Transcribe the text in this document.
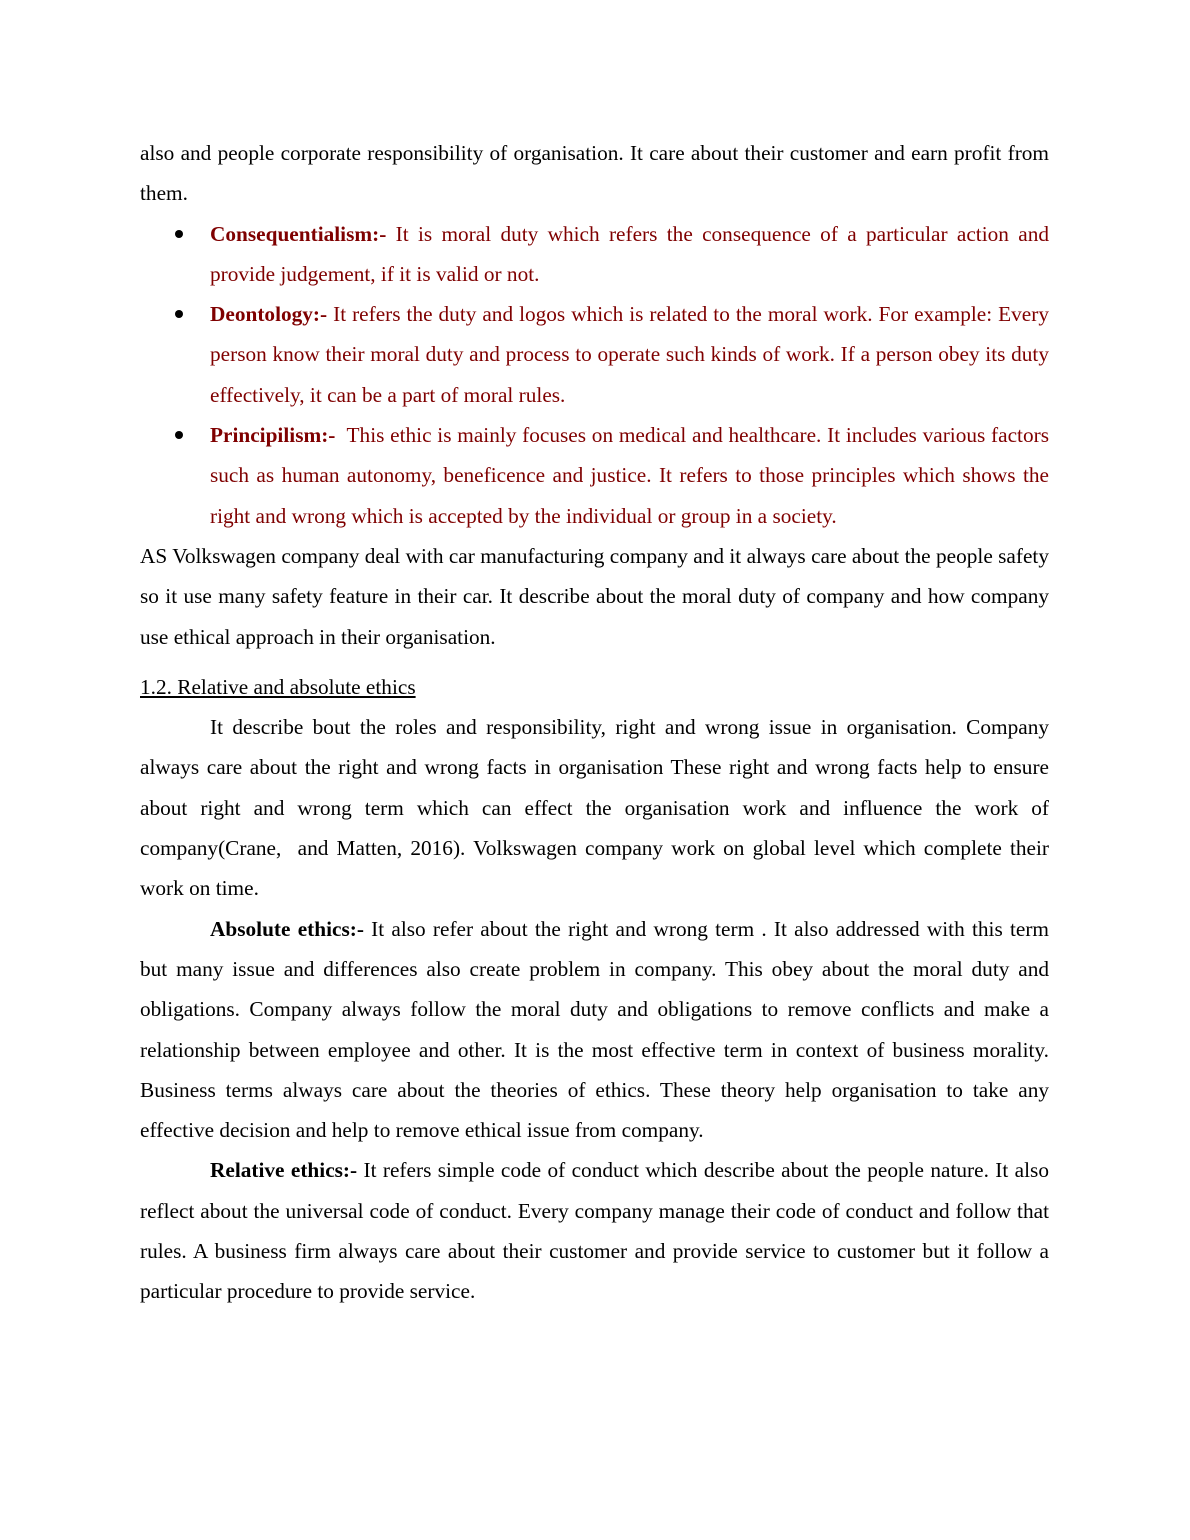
also and people corporate responsibility of organisation. It care about their customer and earn profit from them.

Consequentialism:- It is moral duty which refers the consequence of a particular action and provide judgement, if it is valid or not.
Deontology:- It refers the duty and logos which is related to the moral work. For example: Every person know their moral duty and process to operate such kinds of work. If a person obey its duty effectively, it can be a part of moral rules.
Principilism:-  This ethic is mainly focuses on medical and healthcare. It includes various factors such as human autonomy, beneficence and justice. It refers to those principles which shows the right and wrong which is accepted by the individual or group in a society.

AS Volkswagen company deal with car manufacturing company and it always care about the people safety so it use many safety feature in their car. It describe about the moral duty of company and how company use ethical approach in their organisation.

1.2. Relative and absolute ethics

It describe bout the roles and responsibility, right and wrong issue in organisation. Company always care about the right and wrong facts in organisation These right and wrong facts help to ensure about right and wrong term which can effect the organisation work and influence the work of company(Crane,  and Matten, 2016). Volkswagen company work on global level which complete their work on time.

Absolute ethics:- It also refer about the right and wrong term . It also addressed with this term but many issue and differences also create problem in company. This obey about the moral duty and obligations. Company always follow the moral duty and obligations to remove conflicts and make a relationship between employee and other. It is the most effective term in context of business morality. Business terms always care about the theories of ethics. These theory help organisation to take any effective decision and help to remove ethical issue from company.

Relative ethics:- It refers simple code of conduct which describe about the people nature. It also reflect about the universal code of conduct. Every company manage their code of conduct and follow that rules. A business firm always care about their customer and provide service to customer but it follow a particular procedure to provide service.
